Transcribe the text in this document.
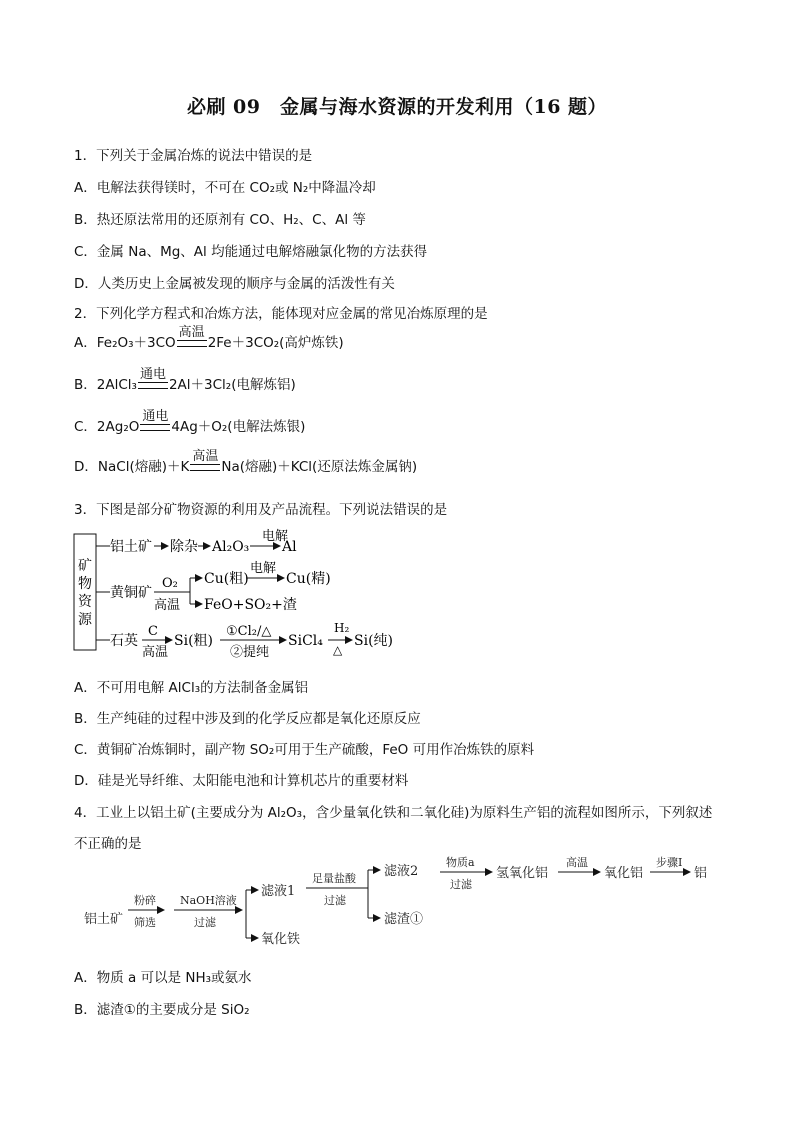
必刷 09　金属与海水资源的开发利用（16 题）
1．下列关于金属冶炼的说法中错误的是
A．电解法获得镁时，不可在 CO₂或 N₂中降温冷却
B．热还原法常用的还原剂有 CO、H₂、C、Al 等
C．金属 Na、Mg、Al 均能通过电解熔融氯化物的方法获得
D．人类历史上金属被发现的顺序与金属的活泼性有关
2．下列化学方程式和冶炼方法，能体现对应金属的常见冶炼原理的是
A．Fe₂O₃＋3CO
高温
2Fe＋3CO₂(高炉炼铁)
B．2AlCl₃
通电
2Al＋3Cl₂(电解炼铝)
C．2Ag₂O
通电
4Ag＋O₂(电解法炼银)
D．NaCl(熔融)＋K
高温
Na(熔融)＋KCl(还原法炼金属钠)
3．下图是部分矿物资源的利用及产品流程。下列说法错误的是
矿
物
资
源
铝土矿 除杂 Al₂O₃
电解
Al
黄铜矿
O₂
高温
Cu(粗)
电解
Cu(精)
FeO+SO₂+渣
石英
C
高温
Si(粗)
①Cl₂/△
②提纯
SiCl₄
H₂
△
Si(纯)
A．不可用电解 AlCl₃的方法制备金属铝
B．生产纯硅的过程中涉及到的化学反应都是氧化还原反应
C．黄铜矿冶炼铜时，副产物 SO₂可用于生产硫酸，FeO 可用作冶炼铁的原料
D．硅是光导纤维、太阳能电池和计算机芯片的重要材料
4．工业上以铝土矿(主要成分为 Al₂O₃，含少量氧化铁和二氧化硅)为原料生产铝的流程如图所示，下列叙述
不正确的是
铝土矿
粉碎
筛选
NaOH溶液
过滤
滤液1
氧化铁
足量盐酸
过滤
滤液2
滤渣①
物质a
过滤
氢氧化铝
高温
氧化铝
步骤Ⅰ
铝
A．物质 a 可以是 NH₃或氨水
B．滤渣①的主要成分是 SiO₂
